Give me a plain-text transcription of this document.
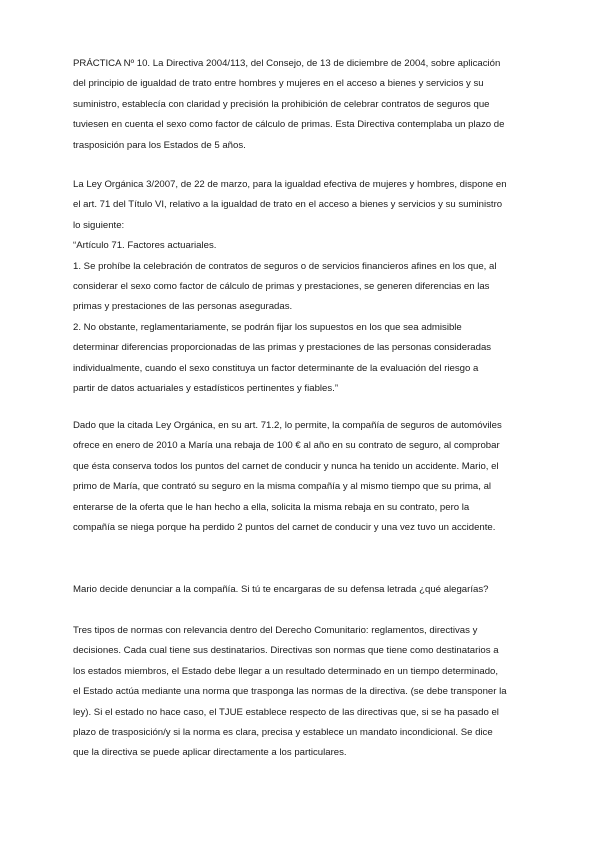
PRÁCTICA Nº 10. La Directiva 2004/113, del Consejo, de 13 de diciembre de 2004, sobre aplicación
del principio de igualdad de trato entre hombres y mujeres en el acceso a bienes y servicios y su
suministro, establecía con claridad y precisión la prohibición de celebrar contratos de seguros que
tuviesen en cuenta el sexo como factor de cálculo de primas. Esta Directiva contemplaba un plazo de
trasposición para los Estados de 5 años.
La Ley Orgánica 3/2007, de 22 de marzo, para la igualdad efectiva de mujeres y hombres, dispone en
el art. 71 del Título VI, relativo a la igualdad de trato en el acceso a bienes y servicios y su suministro
lo siguiente:
“Artículo 71. Factores actuariales.
1. Se prohíbe la celebración de contratos de seguros o de servicios financieros afines en los que, al
considerar el sexo como factor de cálculo de primas y prestaciones, se generen diferencias en las
primas y prestaciones de las personas aseguradas.
2. No obstante, reglamentariamente, se podrán fijar los supuestos en los que sea admisible
determinar diferencias proporcionadas de las primas y prestaciones de las personas consideradas
individualmente, cuando el sexo constituya un factor determinante de la evaluación del riesgo a
partir de datos actuariales y estadísticos pertinentes y fiables.”
Dado que la citada Ley Orgánica, en su art. 71.2, lo permite, la compañía de seguros de automóviles
ofrece en enero de 2010 a María una rebaja de 100 € al año en su contrato de seguro, al comprobar
que ésta conserva todos los puntos del carnet de conducir y nunca ha tenido un accidente. Mario, el
primo de María, que contrató su seguro en la misma compañía y al mismo tiempo que su prima, al
enterarse de la oferta que le han hecho a ella, solicita la misma rebaja en su contrato, pero la
compañía se niega porque ha perdido 2 puntos del carnet de conducir y una vez tuvo un accidente.
Mario decide denunciar a la compañía. Si tú te encargaras de su defensa letrada ¿qué alegarías?
Tres tipos de normas con relevancia dentro del Derecho Comunitario: reglamentos, directivas y
decisiones. Cada cual tiene sus destinatarios. Directivas son normas que tiene como destinatarios a
los estados miembros, el Estado debe llegar a un resultado determinado en un tiempo determinado,
el Estado actúa mediante una norma que trasponga las normas de la directiva. (se debe transponer la
ley). Si el estado no hace caso, el TJUE establece respecto de las directivas que, si se ha pasado el
plazo de trasposición/y si la norma es clara, precisa y establece un mandato incondicional. Se dice
que la directiva se puede aplicar directamente a los particulares.
